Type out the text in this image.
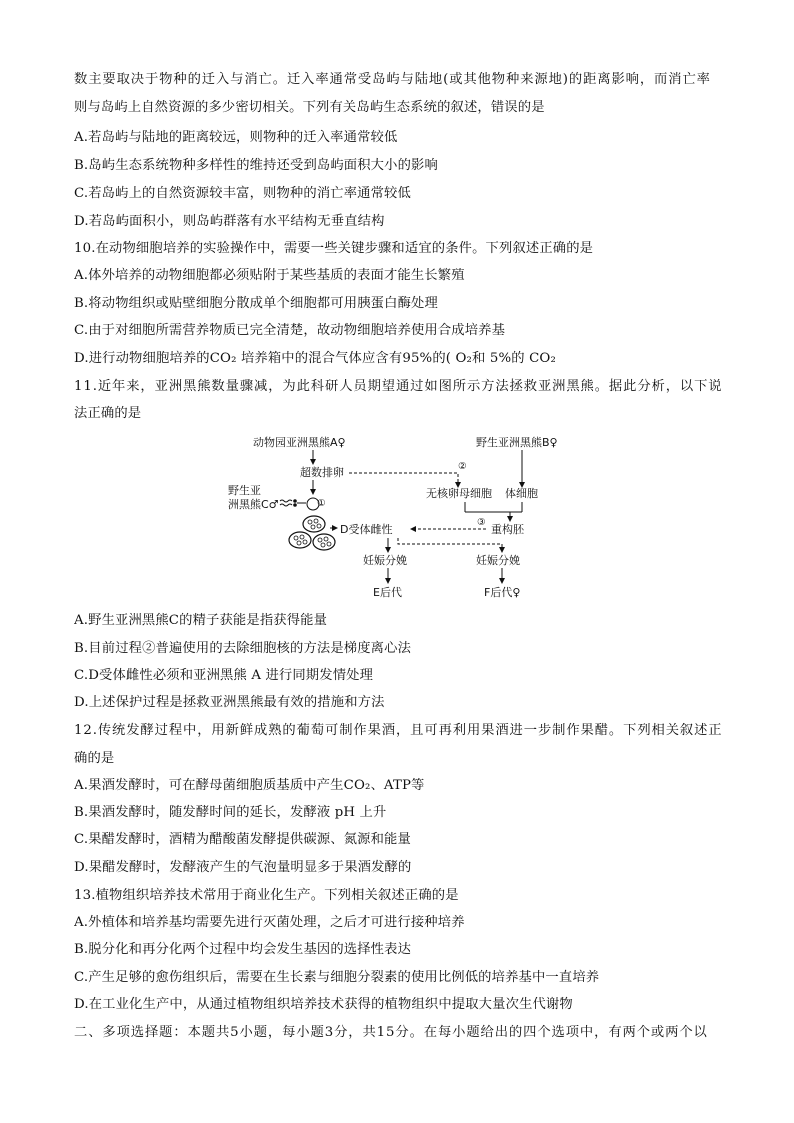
数主要取决于物种的迁入与消亡。迁入率通常受岛屿与陆地(或其他物种来源地)的距离影响，而消亡率
则与岛屿上自然资源的多少密切相关。下列有关岛屿生态系统的叙述，错误的是
A.若岛屿与陆地的距离较远，则物种的迁入率通常较低
B.岛屿生态系统物种多样性的维持还受到岛屿面积大小的影响
C.若岛屿上的自然资源较丰富，则物种的消亡率通常较低
D.若岛屿面积小，则岛屿群落有水平结构无垂直结构
10.在动物细胞培养的实验操作中，需要一些关键步骤和适宜的条件。下列叙述正确的是
A.体外培养的动物细胞都必须贴附于某些基质的表面才能生长繁殖
B.将动物组织或贴壁细胞分散成单个细胞都可用胰蛋白酶处理
C.由于对细胞所需营养物质已完全清楚，故动物细胞培养使用合成培养基
D.进行动物细胞培养的CO₂ 培养箱中的混合气体应含有95%的( O₂和 5%的 CO₂
11.近年来，亚洲黑熊数量骤减，为此科研人员期望通过如图所示方法拯救亚洲黑熊。据此分析，以下说
法正确的是
动物园亚洲黑熊A♀	野生亚洲黑熊B♀
超数排卵
野生亚
洲黑熊C♂
无核卵母细胞 体细胞
D受体雌性	重构胚
妊娠分娩	妊娠分娩
E后代	F后代♀
①
②
③
A.野生亚洲黑熊C的精子获能是指获得能量
B.目前过程②普遍使用的去除细胞核的方法是梯度离心法
C.D受体雌性必须和亚洲黑熊 A 进行同期发情处理
D.上述保护过程是拯救亚洲黑熊最有效的措施和方法
12.传统发酵过程中，用新鲜成熟的葡萄可制作果酒，且可再利用果酒进一步制作果醋。下列相关叙述正
确的是
A.果酒发酵时，可在酵母菌细胞质基质中产生CO₂、ATP等
B.果酒发酵时，随发酵时间的延长，发酵液 pH 上升
C.果醋发酵时，酒精为醋酸菌发酵提供碳源、氮源和能量
D.果醋发酵时，发酵液产生的气泡量明显多于果酒发酵的
13.植物组织培养技术常用于商业化生产。下列相关叙述正确的是
A.外植体和培养基均需要先进行灭菌处理，之后才可进行接种培养
B.脱分化和再分化两个过程中均会发生基因的选择性表达
C.产生足够的愈伤组织后，需要在生长素与细胞分裂素的使用比例低的培养基中一直培养
D.在工业化生产中，从通过植物组织培养技术获得的植物组织中提取大量次生代谢物
二、多项选择题：本题共5小题，每小题3分，共15分。在每小题给出的四个选项中，有两个或两个以
